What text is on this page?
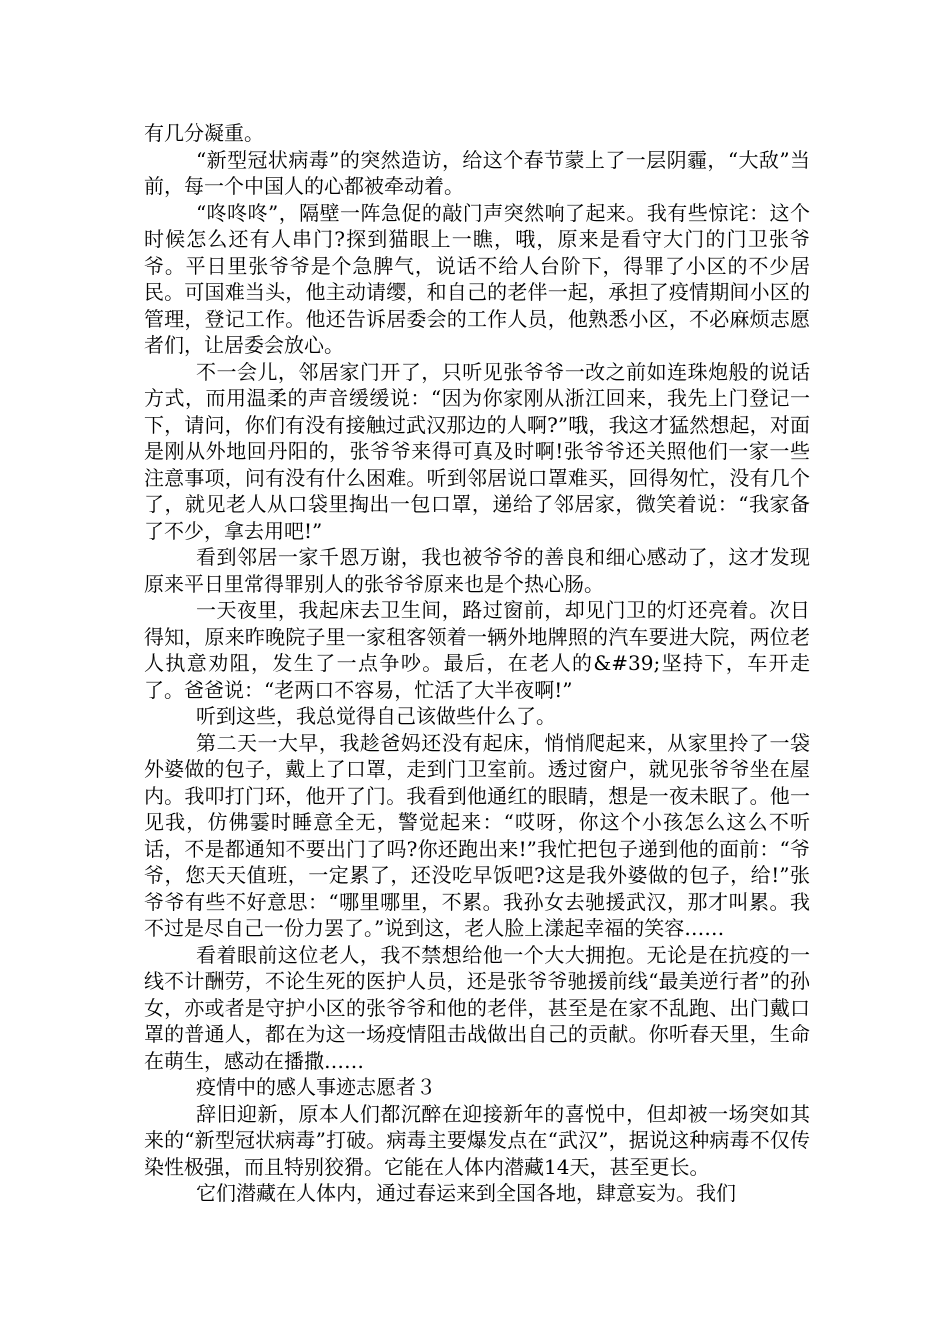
有几分凝重。

“新型冠状病毒”的突然造访，给这个春节蒙上了一层阴霾，“大敌”当前，每一个中国人的心都被牵动着。

“咚咚咚”，隔壁一阵急促的敲门声突然响了起来。我有些惊诧：这个时候怎么还有人串门?探到猫眼上一瞧，哦，原来是看守大门的门卫张爷爷。平日里张爷爷是个急脾气，说话不给人台阶下，得罪了小区的不少居民。可国难当头，他主动请缨，和自己的老伴一起，承担了疫情期间小区的管理，登记工作。他还告诉居委会的工作人员，他熟悉小区，不必麻烦志愿者们，让居委会放心。

不一会儿，邻居家门开了，只听见张爷爷一改之前如连珠炮般的说话方式，而用温柔的声音缓缓说：“因为你家刚从浙江回来，我先上门登记一下，请问，你们有没有接触过武汉那边的人啊?”哦，我这才猛然想起，对面是刚从外地回丹阳的，张爷爷来得可真及时啊!张爷爷还关照他们一家一些注意事项，问有没有什么困难。听到邻居说口罩难买，回得匆忙，没有几个了，就见老人从口袋里掏出一包口罩，递给了邻居家，微笑着说：“我家备了不少，拿去用吧!”

看到邻居一家千恩万谢，我也被爷爷的善良和细心感动了，这才发现原来平日里常得罪别人的张爷爷原来也是个热心肠。

一天夜里，我起床去卫生间，路过窗前，却见门卫的灯还亮着。次日得知，原来昨晚院子里一家租客领着一辆外地牌照的汽车要进大院，两位老人执意劝阻，发生了一点争吵。最后，在老人的&#39;坚持下，车开走了。爸爸说：“老两口不容易，忙活了大半夜啊!”

听到这些，我总觉得自己该做些什么了。

第二天一大早，我趁爸妈还没有起床，悄悄爬起来，从家里拎了一袋外婆做的包子，戴上了口罩，走到门卫室前。透过窗户，就见张爷爷坐在屋内。我叩打门环，他开了门。我看到他通红的眼睛，想是一夜未眠了。他一见我，仿佛霎时睡意全无，警觉起来：“哎呀，你这个小孩怎么这么不听话，不是都通知不要出门了吗?你还跑出来!”我忙把包子递到他的面前：“爷爷，您天天值班，一定累了，还没吃早饭吧?这是我外婆做的包子，给!”张爷爷有些不好意思：“哪里哪里，不累。我孙女去驰援武汉，那才叫累。我不过是尽自己一份力罢了。”说到这，老人脸上漾起幸福的笑容……

看着眼前这位老人，我不禁想给他一个大大拥抱。无论是在抗疫的一线不计酬劳，不论生死的医护人员，还是张爷爷驰援前线“最美逆行者”的孙女，亦或者是守护小区的张爷爷和他的老伴，甚至是在家不乱跑、出门戴口罩的普通人，都在为这一场疫情阻击战做出自己的贡献。你听春天里，生命在萌生，感动在播撒……

疫情中的感人事迹志愿者３

辞旧迎新，原本人们都沉醉在迎接新年的喜悦中，但却被一场突如其来的“新型冠状病毒”打破。病毒主要爆发点在“武汉”，据说这种病毒不仅传染性极强，而且特别狡猾。它能在人体内潜藏14天，甚至更长。

它们潜藏在人体内，通过春运来到全国各地，肆意妄为。我们
